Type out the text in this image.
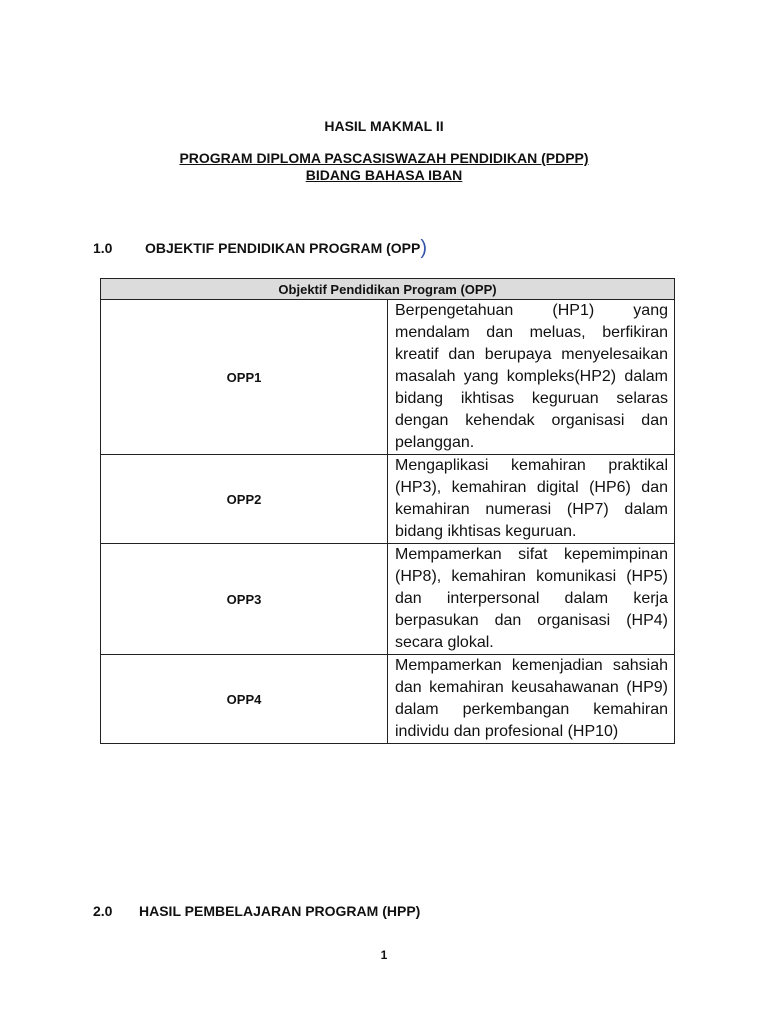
HASIL MAKMAL II
PROGRAM DIPLOMA PASCASISWAZAH PENDIDIKAN (PDPP)
BIDANG BAHASA IBAN
1.0 OBJEKTIF PENDIDIKAN PROGRAM (OPP)
Objektif Pendidikan Program (OPP)	
OPP1	Berpengetahuan (HP1) yang mendalam dan meluas, berfikiran kreatif dan berupaya menyelesaikan masalah yang kompleks(HP2) dalam bidang ikhtisas keguruan selaras dengan kehendak organisasi dan pelanggan.
OPP2	Mengaplikasi kemahiran praktikal (HP3), kemahiran digital (HP6) dan kemahiran numerasi (HP7) dalam bidang ikhtisas keguruan.
OPP3	Mempamerkan sifat kepemimpinan (HP8), kemahiran komunikasi (HP5) dan interpersonal dalam kerja berpasukan dan organisasi (HP4) secara glokal.
OPP4	Mempamerkan kemenjadian sahsiah dan kemahiran keusahawanan (HP9) dalam perkembangan kemahiran individu dan profesional (HP10)
2.0 HASIL PEMBELAJARAN PROGRAM (HPP)
1
